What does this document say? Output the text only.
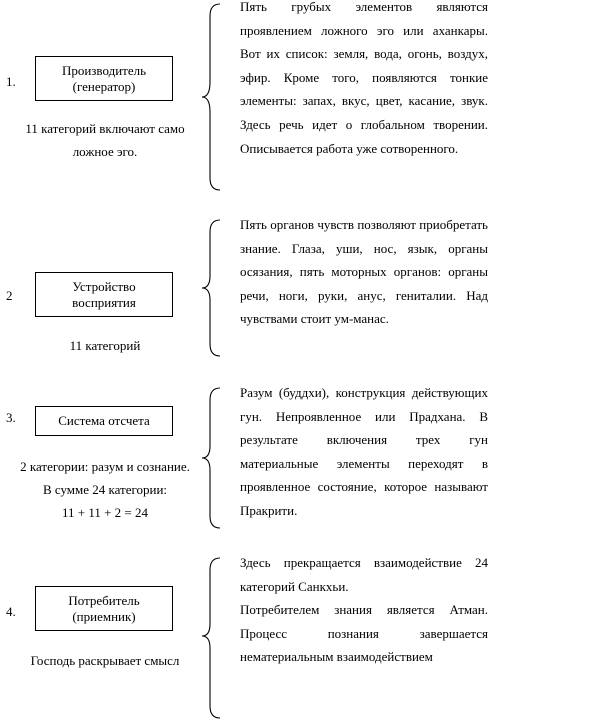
1.
Производитель
(генератор)
11 категорий включают само
ложное эго.

Пять грубых элементов являются проявлением ложного эго или аханкары. Вот их список: земля, вода, огонь, воздух, эфир. Кроме того, появляются тонкие элементы: запах, вкус, цвет, касание, звук. Здесь речь идет о глобальном творении. Описывается работа уже сотворенного.

2
Устройство
восприятия
11 категорий

Пять органов чувств позволяют приобретать знание. Глаза, уши, нос, язык, органы осязания, пять моторных органов: органы речи, ноги, руки, анус, гениталии. Над чувствами стоит ум-манас.

3.	Система отсчета
2 категории: разум и сознание.
В сумме 24 категории:
11 + 11 + 2 = 24

Разум (буддхи), конструкция действующих гун. Непроявленное или Прадхана. В результате включения трех гун материальные элементы переходят в проявленное состояние, которое называют Пракрити.

4.
Потребитель
(приемник)
Господь раскрывает смысл

Здесь прекращается взаимодействие 24 категорий Санкхьи.

Потребителем знания является Атман. Процесс познания завершается нематериальным взаимодействием
